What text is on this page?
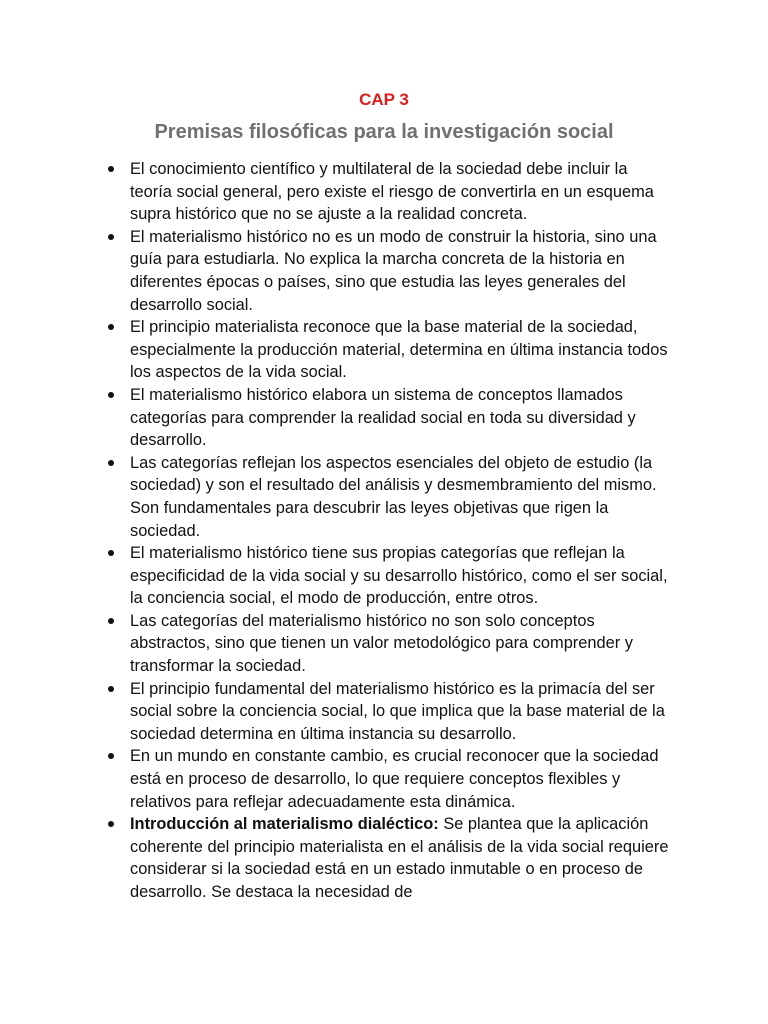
CAP 3
Premisas filosóficas para la investigación social
El conocimiento científico y multilateral de la sociedad debe incluir la teoría social general, pero existe el riesgo de convertirla en un esquema supra histórico que no se ajuste a la realidad concreta.
El materialismo histórico no es un modo de construir la historia, sino una guía para estudiarla. No explica la marcha concreta de la historia en diferentes épocas o países, sino que estudia las leyes generales del desarrollo social.
El principio materialista reconoce que la base material de la sociedad, especialmente la producción material, determina en última instancia todos los aspectos de la vida social.
El materialismo histórico elabora un sistema de conceptos llamados categorías para comprender la realidad social en toda su diversidad y desarrollo.
Las categorías reflejan los aspectos esenciales del objeto de estudio (la sociedad) y son el resultado del análisis y desmembramiento del mismo. Son fundamentales para descubrir las leyes objetivas que rigen la sociedad.
El materialismo histórico tiene sus propias categorías que reflejan la especificidad de la vida social y su desarrollo histórico, como el ser social, la conciencia social, el modo de producción, entre otros.
Las categorías del materialismo histórico no son solo conceptos abstractos, sino que tienen un valor metodológico para comprender y transformar la sociedad.
El principio fundamental del materialismo histórico es la primacía del ser social sobre la conciencia social, lo que implica que la base material de la sociedad determina en última instancia su desarrollo.
En un mundo en constante cambio, es crucial reconocer que la sociedad está en proceso de desarrollo, lo que requiere conceptos flexibles y relativos para reflejar adecuadamente esta dinámica.
Introducción al materialismo dialéctico: Se plantea que la aplicación coherente del principio materialista en el análisis de la vida social requiere considerar si la sociedad está en un estado inmutable o en proceso de desarrollo. Se destaca la necesidad de
